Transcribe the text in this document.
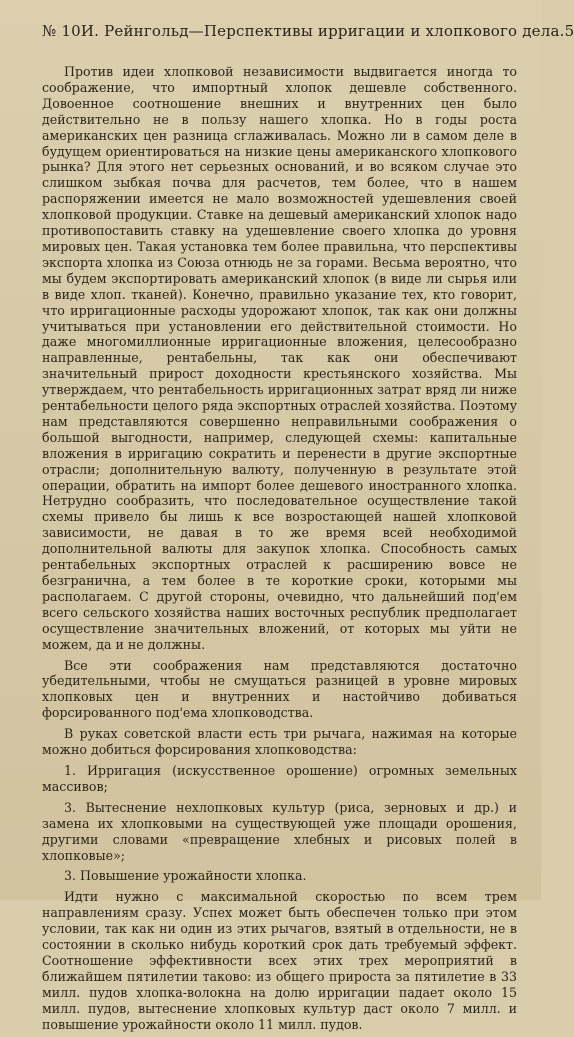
№ 10 И. Рейнгольд—Перспективы ирригации и хлопкового дела. 5

Против идеи хлопковой независимости выдвигается иногда то соображение, что импортный хлопок дешевле собственного. Довоенное соотношение внешних и внутренних цен было действительно не в пользу нашего хлопка. Но в годы роста американских цен разница сглаживалась. Можно ли в самом деле в будущем ориентироваться на низкие цены американского хлопкового рынка? Для этого нет серьезных оснований, и во всяком случае это слишком зыбкая почва для расчетов, тем более, что в нашем распоряжении имеется не мало возможностей удешевления своей хлопковой продукции. Ставке на дешевый американский хлопок надо противопоставить ставку на удешевление своего хлопка до уровня мировых цен. Такая установка тем более правильна, что перспективы экспорта хлопка из Союза отнюдь не за горами. Весьма вероятно, что мы будем экспортировать американский хлопок (в виде ли сырья или в виде хлоп. тканей). Конечно, правильно указание тех, кто говорит, что ирригационные расходы удорожают хлопок, так как они должны учитываться при установлении его действительной стоимости. Но даже многомиллионные ирригационные вложения, целесообразно направленные, рентабельны, так как они обеспечивают значительный прирост доходности крестьянского хозяйства. Мы утверждаем, что рентабельность ирригационных затрат вряд ли ниже рентабельности целого ряда экспортных отраслей хозяйства. Поэтому нам представляются совершенно неправильными соображения о большой выгодности, например, следующей схемы: капитальные вложения в ирригацию сократить и перенести в другие экспортные отрасли; дополнительную валюту, полученную в результате этой операции, обратить на импорт более дешевого иностранного хлопка. Нетрудно сообразить, что последовательное осуществление такой схемы привело бы лишь к все возростающей нашей хлопковой зависимости, не давая в то же время всей необходимой дополнительной валюты для закупок хлопка. Способность самых рентабельных экспортных отраслей к расширению вовсе не безгранична, а тем более в те короткие сроки, которыми мы располагаем. С другой стороны, очевидно, что дальнейший под'ем всего сельского хозяйства наших восточных республик предполагает осуществление значительных вложений, от которых мы уйти не можем, да и не должны.

Все эти соображения нам представляются достаточно убедительными, чтобы не смущаться разницей в уровне мировых хлопковых цен и внутренних и настойчиво добиваться форсированного под'ема хлопководства.

В руках советской власти есть три рычага, нажимая на которые можно добиться форсирования хлопководства:

1. Ирригация (искусственное орошение) огромных земельных массивов;

3. Вытеснение нехлопковых культур (риса, зерновых и др.) и замена их хлопковыми на существующей уже площади орошения, другими словами «превращение хлебных и рисовых полей в хлопковые»;

3. Повышение урожайности хлопка.

Идти нужно с максимальной скоростью по всем трем направлениям сразу. Успех может быть обеспечен только при этом условии, так как ни один из этих рычагов, взятый в отдельности, не в состоянии в сколько нибудь короткий срок дать требуемый эффект. Соотношение эффективности всех этих трех мероприятий в ближайшем пятилетии таково: из общего прироста за пятилетие в 33 милл. пудов хлопка-волокна на долю ирригации падает около 15 милл. пудов, вытеснение хлопковых культур даст около 7 милл. и повышение урожайности около 11 милл. пудов.
